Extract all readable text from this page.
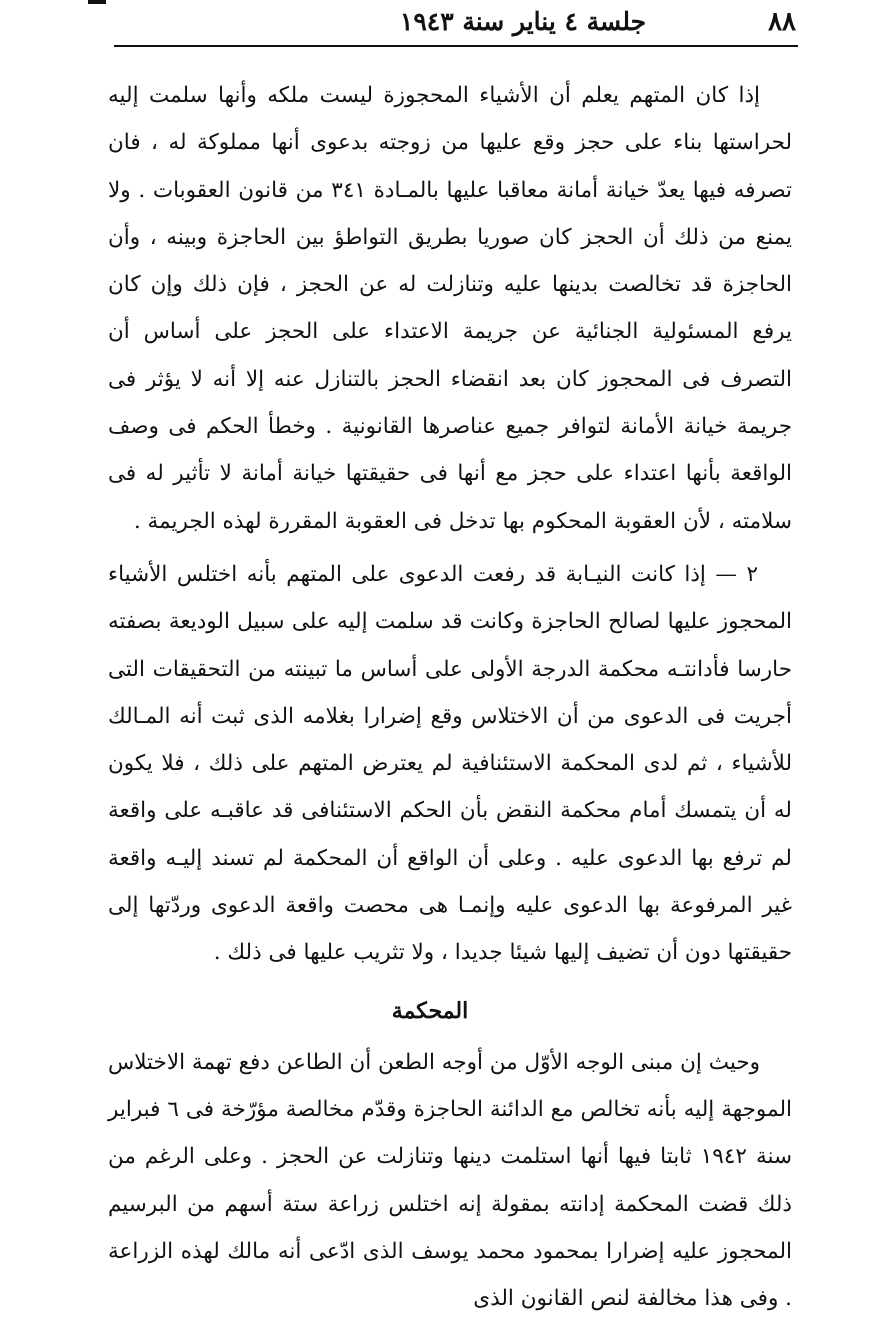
٨٨
جلسة ٤ يناير سنة ١٩٤٣

إذا كان المتهم يعلم أن الأشياء المحجوزة ليست ملكه وأنها سلمت إليه لحراستها بناء على حجز وقع عليها من زوجته بدعوى أنها مملوكة له ، فان تصرفه فيها يعدّ خيانة أمانة معاقبا عليها بالمـادة ٣٤١ من قانون العقوبات . ولا يمنع من ذلك أن الحجز كان صوريا بطريق التواطؤ بين الحاجزة وبينه ، وأن الحاجزة قد تخالصت بدينها عليه وتنازلت له عن الحجز ، فإن ذلك وإن كان يرفع المسئولية الجنائية عن جريمة الاعتداء على الحجز على أساس أن التصرف فى المحجوز كان بعد انقضاء الحجز بالتنازل عنه إلا أنه لا يؤثر فى جريمة خيانة الأمانة لتوافر جميع عناصرها القانونية . وخطأ الحكم فى وصف الواقعة بأنها اعتداء على حجز مع أنها فى حقيقتها خيانة أمانة لا تأثير له فى سلامته ، لأن العقوبة المحكوم بها تدخل فى العقوبة المقررة لهذه الجريمة .

٢ — إذا كانت النيـابة قد رفعت الدعوى على المتهم بأنه اختلس الأشياء المحجوز عليها لصالح الحاجزة وكانت قد سلمت إليه على سبيل الوديعة بصفته حارسا فأدانتـه محكمة الدرجة الأولى على أساس ما تبينته من التحقيقات التى أجريت فى الدعوى من أن الاختلاس وقع إضرارا بغلامه الذى ثبت أنه المـالك للأشياء ، ثم لدى المحكمة الاستئنافية لم يعترض المتهم على ذلك ، فلا يكون له أن يتمسك أمام محكمة النقض بأن الحكم الاستئنافى قد عاقبـه على واقعة لم ترفع بها الدعوى عليه . وعلى أن الواقع أن المحكمة لم تسند إليـه واقعة غير المرفوعة بها الدعوى عليه وإنمـا هى محصت واقعة الدعوى وردّتها إلى حقيقتها دون أن تضيف إليها شيئا جديدا ، ولا تثريب عليها فى ذلك .

المحكمة

وحيث إن مبنى الوجه الأوّل من أوجه الطعن أن الطاعن دفع تهمة الاختلاس الموجهة إليه بأنه تخالص مع الدائنة الحاجزة وقدّم مخالصة مؤرّخة فى ٦ فبراير سنة ١٩٤٢ ثابتا فيها أنها استلمت دينها وتنازلت عن الحجز . وعلى الرغم من ذلك قضت المحكمة إدانته بمقولة إنه اختلس زراعة ستة أسهم من البرسيم المحجوز عليه إضرارا بمحمود محمد يوسف الذى ادّعى أنه مالك لهذه الزراعة . وفى هذا مخالفة لنص القانون الذى
